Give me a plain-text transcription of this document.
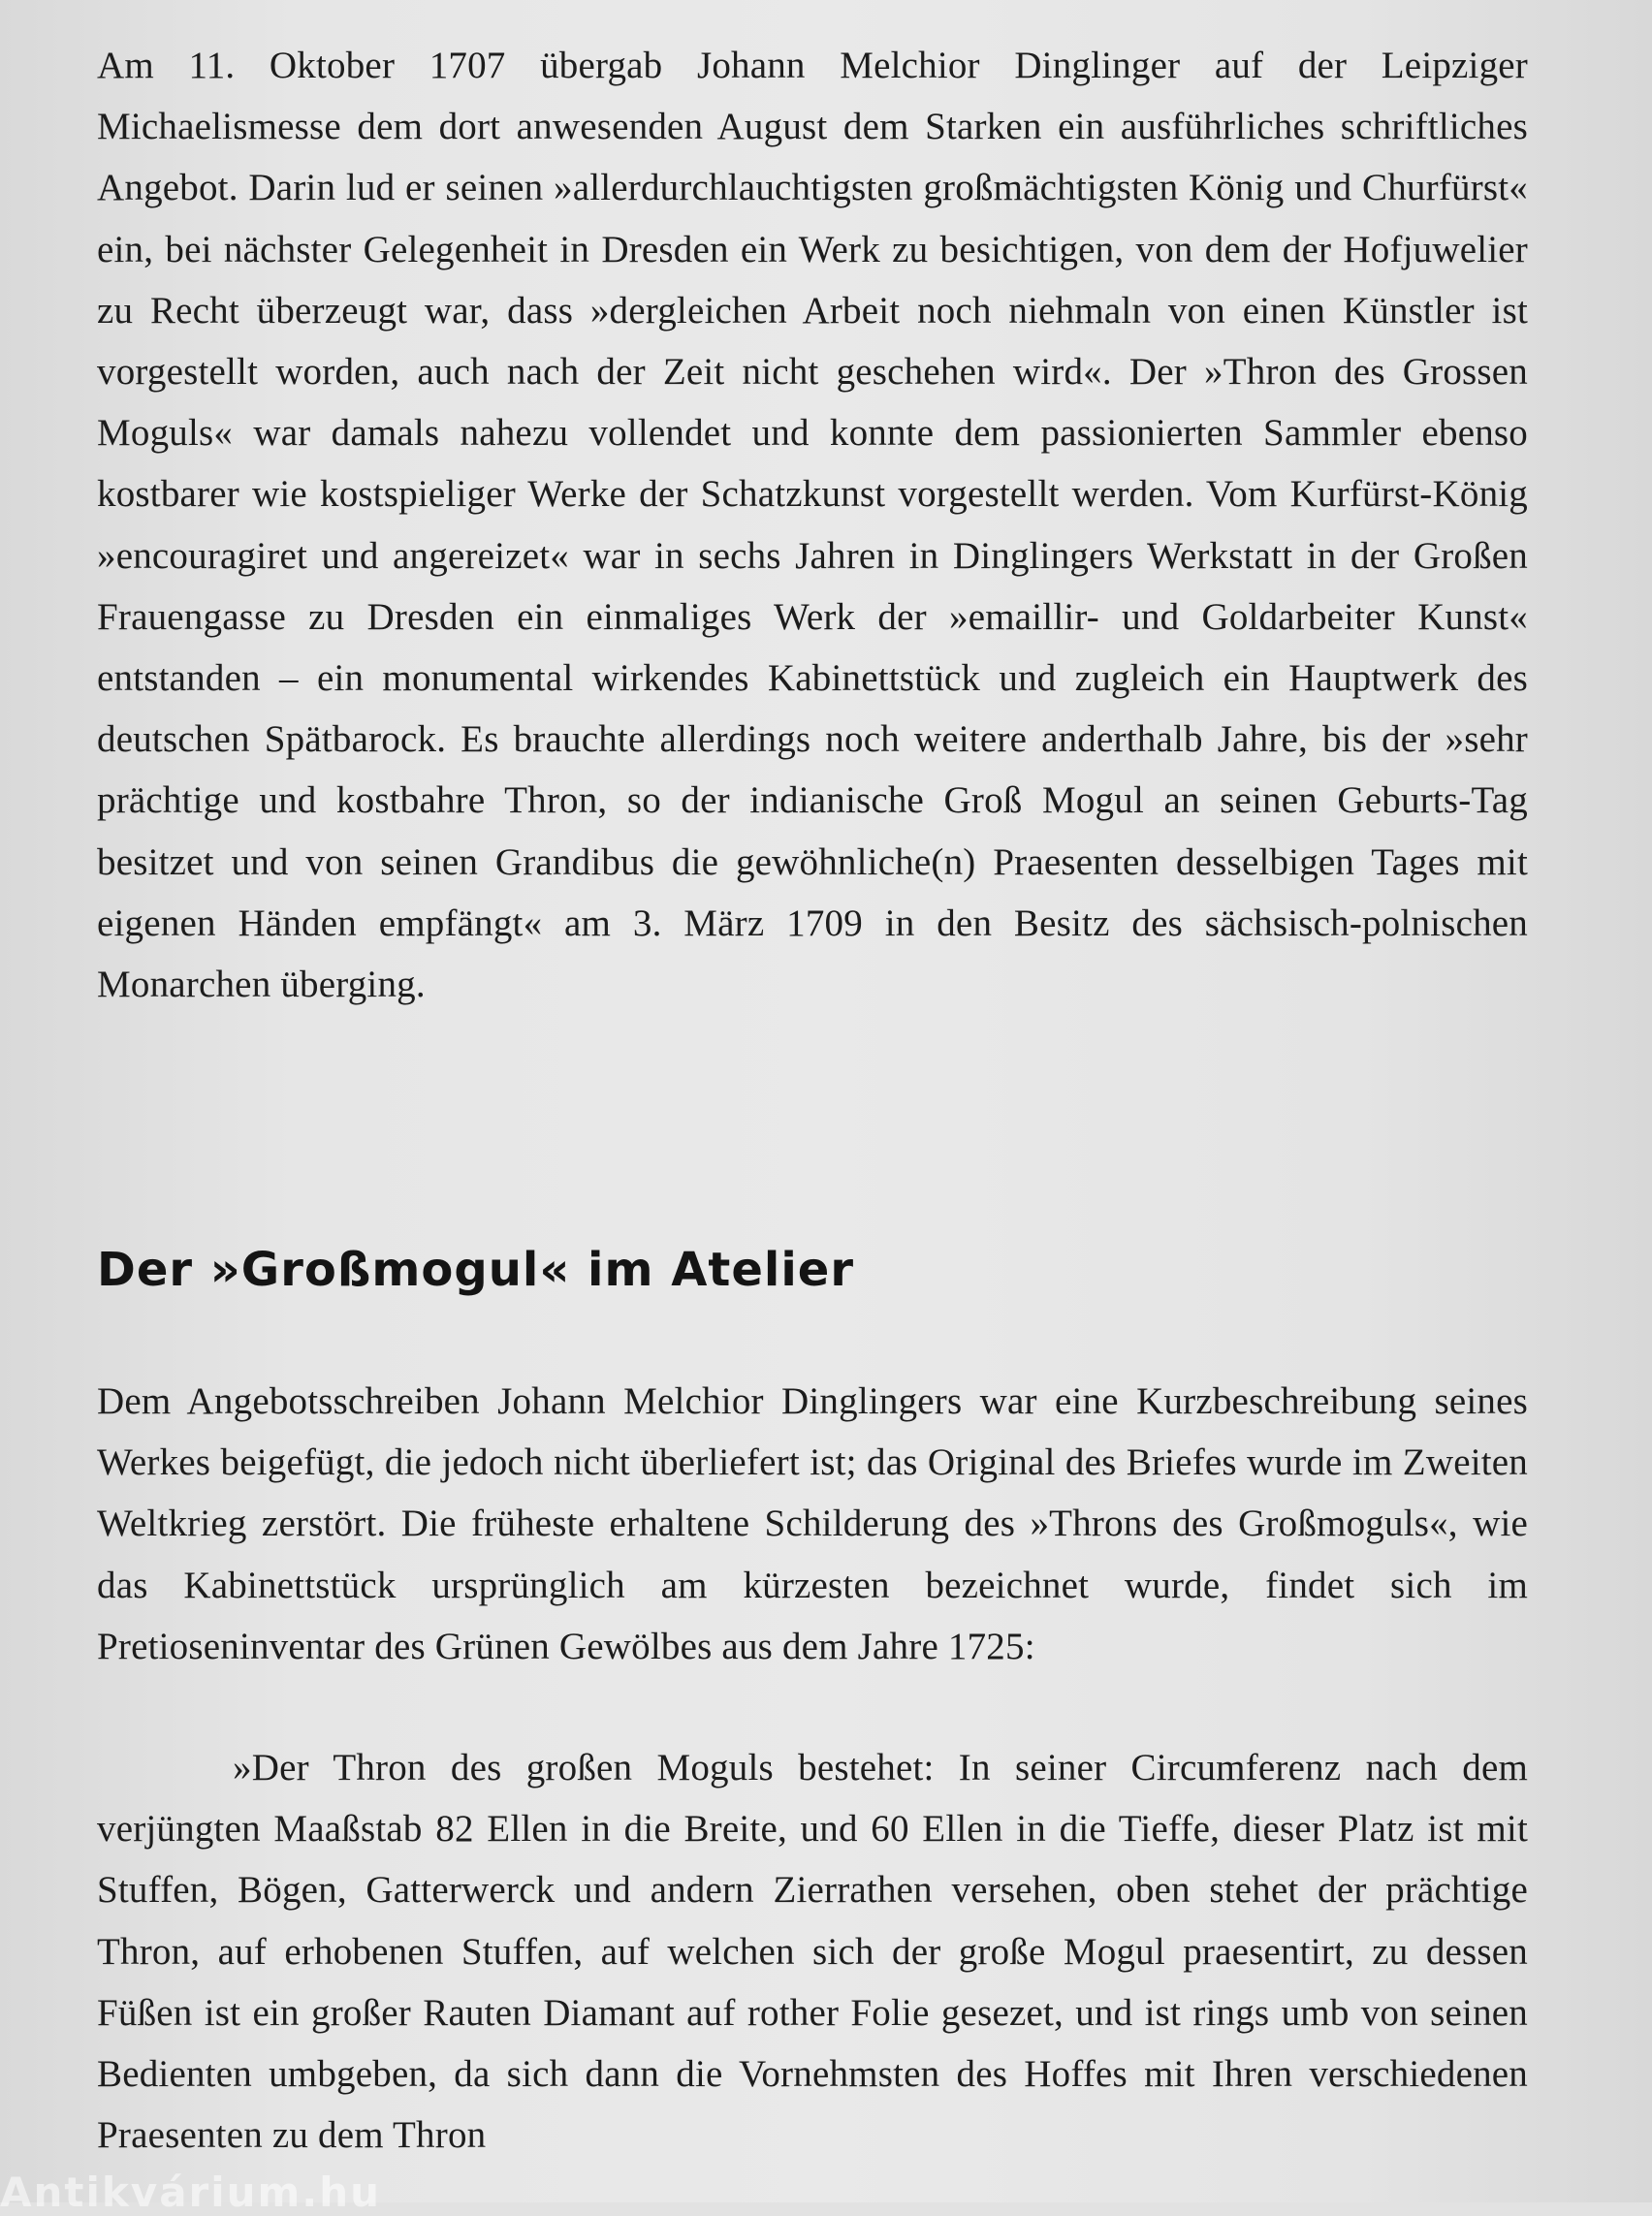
Am 11. Oktober 1707 übergab Johann Melchior Dinglinger auf der Leipziger Michaelismesse dem dort anwesenden August dem Starken ein ausführliches schriftliches Angebot. Darin lud er seinen »allerdurchlauchtigsten großmächtigsten König und Churfürst« ein, bei nächster Gelegenheit in Dresden ein Werk zu besichtigen, von dem der Hofjuwelier zu Recht überzeugt war, dass »dergleichen Arbeit noch niehmaln von einen Künstler ist vorgestellt worden, auch nach der Zeit nicht geschehen wird«. Der »Thron des Grossen Moguls« war damals nahezu vollendet und konnte dem passionierten Sammler ebenso kostbarer wie kostspieliger Werke der Schatzkunst vorgestellt werden. Vom Kurfürst-König »encouragiret und angereizet« war in sechs Jahren in Dinglingers Werkstatt in der Großen Frauengasse zu Dresden ein einmaliges Werk der »emaillir- und Goldarbeiter Kunst« entstanden – ein monumental wirkendes Kabinettstück und zugleich ein Hauptwerk des deutschen Spätbarock. Es brauchte allerdings noch weitere anderthalb Jahre, bis der »sehr prächtige und kostbahre Thron, so der indianische Groß Mogul an seinen Geburts-Tag besitzet und von seinen Grandibus die gewöhnliche(n) Praesenten desselbigen Tages mit eigenen Händen empfängt« am 3. März 1709 in den Besitz des sächsisch-polnischen Monarchen überging.

Der »Großmogul« im Atelier

Dem Angebotsschreiben Johann Melchior Dinglingers war eine Kurzbeschreibung seines Werkes beigefügt, die jedoch nicht überliefert ist; das Original des Briefes wurde im Zweiten Weltkrieg zerstört. Die früheste erhaltene Schilderung des »Throns des Großmoguls«, wie das Kabinettstück ursprünglich am kürzesten bezeichnet wurde, findet sich im Pretioseninventar des Grünen Gewölbes aus dem Jahre 1725:

»Der Thron des großen Moguls bestehet: In seiner Circumferenz nach dem verjüngten Maaßstab 82 Ellen in die Breite, und 60 Ellen in die Tieffe, dieser Platz ist mit Stuffen, Bögen, Gatterwerck und andern Zierrathen versehen, oben stehet der prächtige Thron, auf erhobenen Stuffen, auf welchen sich der große Mogul praesentirt, zu dessen Füßen ist ein großer Rauten Diamant auf rother Folie gesezet, und ist rings umb von seinen Bedienten umbgeben, da sich dann die Vornehmsten des Hoffes mit Ihren verschiedenen Praesenten zu dem Thron

Antikvárium.hu
